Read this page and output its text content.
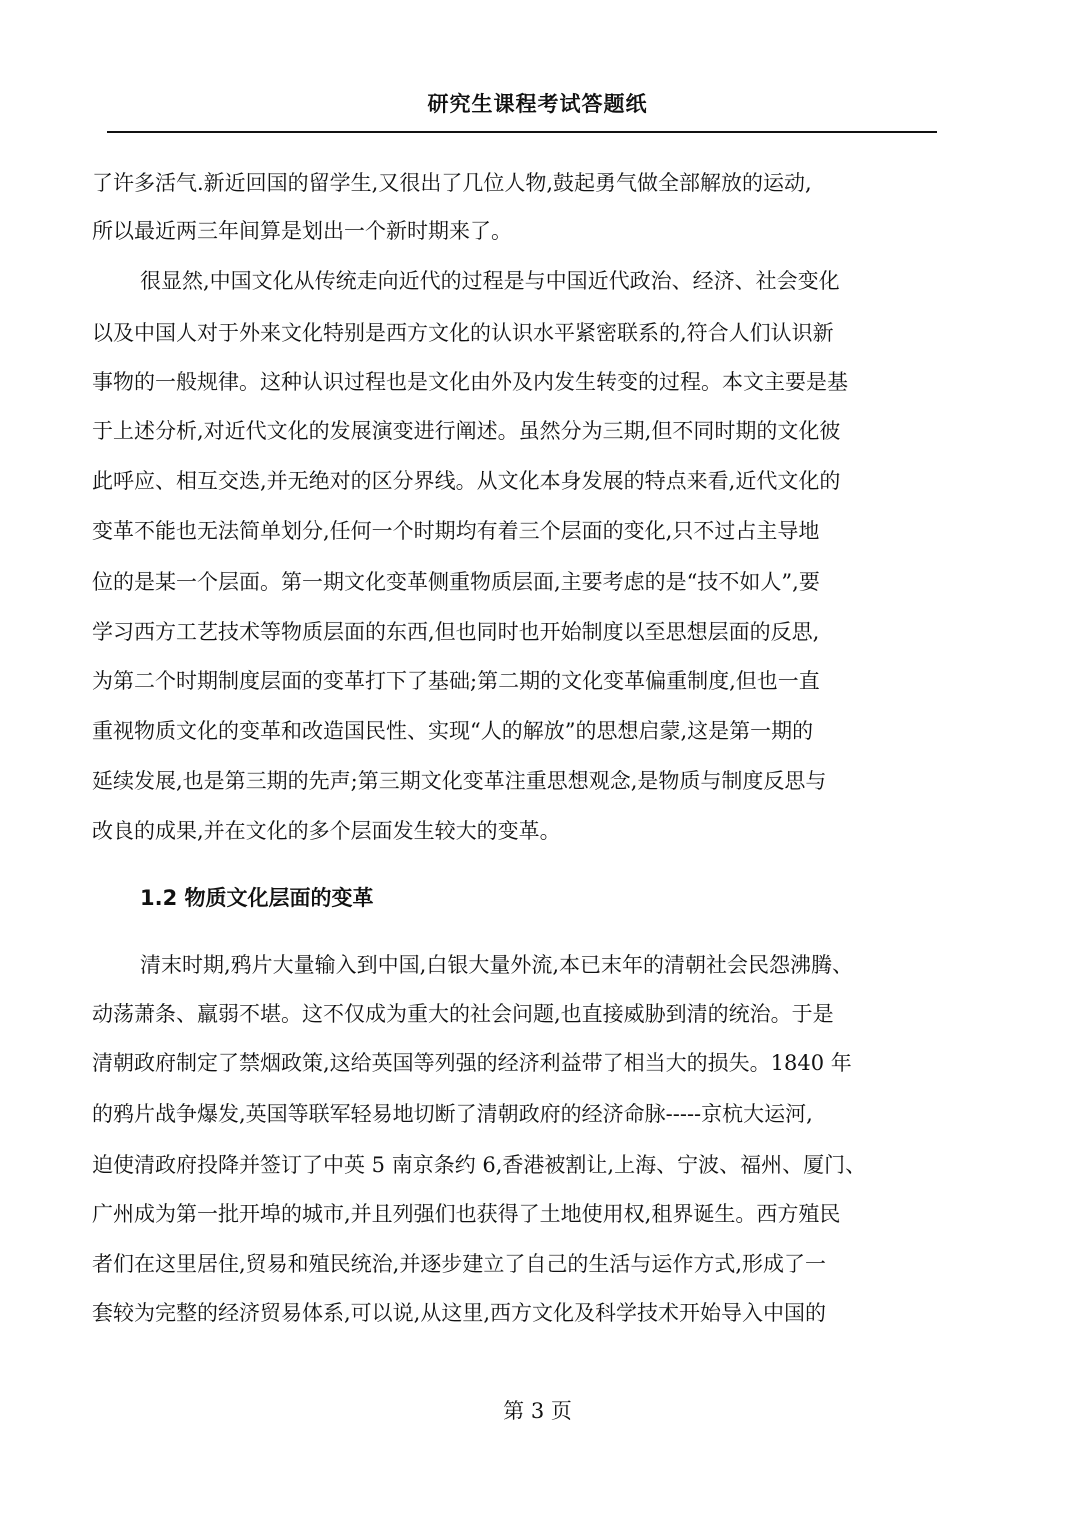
研究生课程考试答题纸
了许多活气.新近回国的留学生,又很出了几位人物,鼓起勇气做全部解放的运动,
所以最近两三年间算是划出一个新时期来了。
很显然,中国文化从传统走向近代的过程是与中国近代政治、经济、社会变化
以及中国人对于外来文化特别是西方文化的认识水平紧密联系的,符合人们认识新
事物的一般规律。这种认识过程也是文化由外及内发生转变的过程。本文主要是基
于上述分析,对近代文化的发展演变进行阐述。虽然分为三期,但不同时期的文化彼
此呼应、相互交迭,并无绝对的区分界线。从文化本身发展的特点来看,近代文化的
变革不能也无法简单划分,任何一个时期均有着三个层面的变化,只不过占主导地
位的是某一个层面。第一期文化变革侧重物质层面,主要考虑的是“技不如人”,要
学习西方工艺技术等物质层面的东西,但也同时也开始制度以至思想层面的反思,
为第二个时期制度层面的变革打下了基础;第二期的文化变革偏重制度,但也一直
重视物质文化的变革和改造国民性、实现“人的解放”的思想启蒙,这是第一期的
延续发展,也是第三期的先声;第三期文化变革注重思想观念,是物质与制度反思与
改良的成果,并在文化的多个层面发生较大的变革。
1.2 物质文化层面的变革
清末时期,鸦片大量输入到中国,白银大量外流,本已末年的清朝社会民怨沸腾、
动荡萧条、羸弱不堪。这不仅成为重大的社会问题,也直接威胁到清的统治。于是
清朝政府制定了禁烟政策,这给英国等列强的经济利益带了相当大的损失。1840 年
的鸦片战争爆发,英国等联军轻易地切断了清朝政府的经济命脉-----京杭大运河,
迫使清政府投降并签订了中英 5 南京条约 6,香港被割让,上海、宁波、福州、厦门、
广州成为第一批开埠的城市,并且列强们也获得了土地使用权,租界诞生。西方殖民
者们在这里居住,贸易和殖民统治,并逐步建立了自己的生活与运作方式,形成了一
套较为完整的经济贸易体系,可以说,从这里,西方文化及科学技术开始导入中国的
第 3 页
